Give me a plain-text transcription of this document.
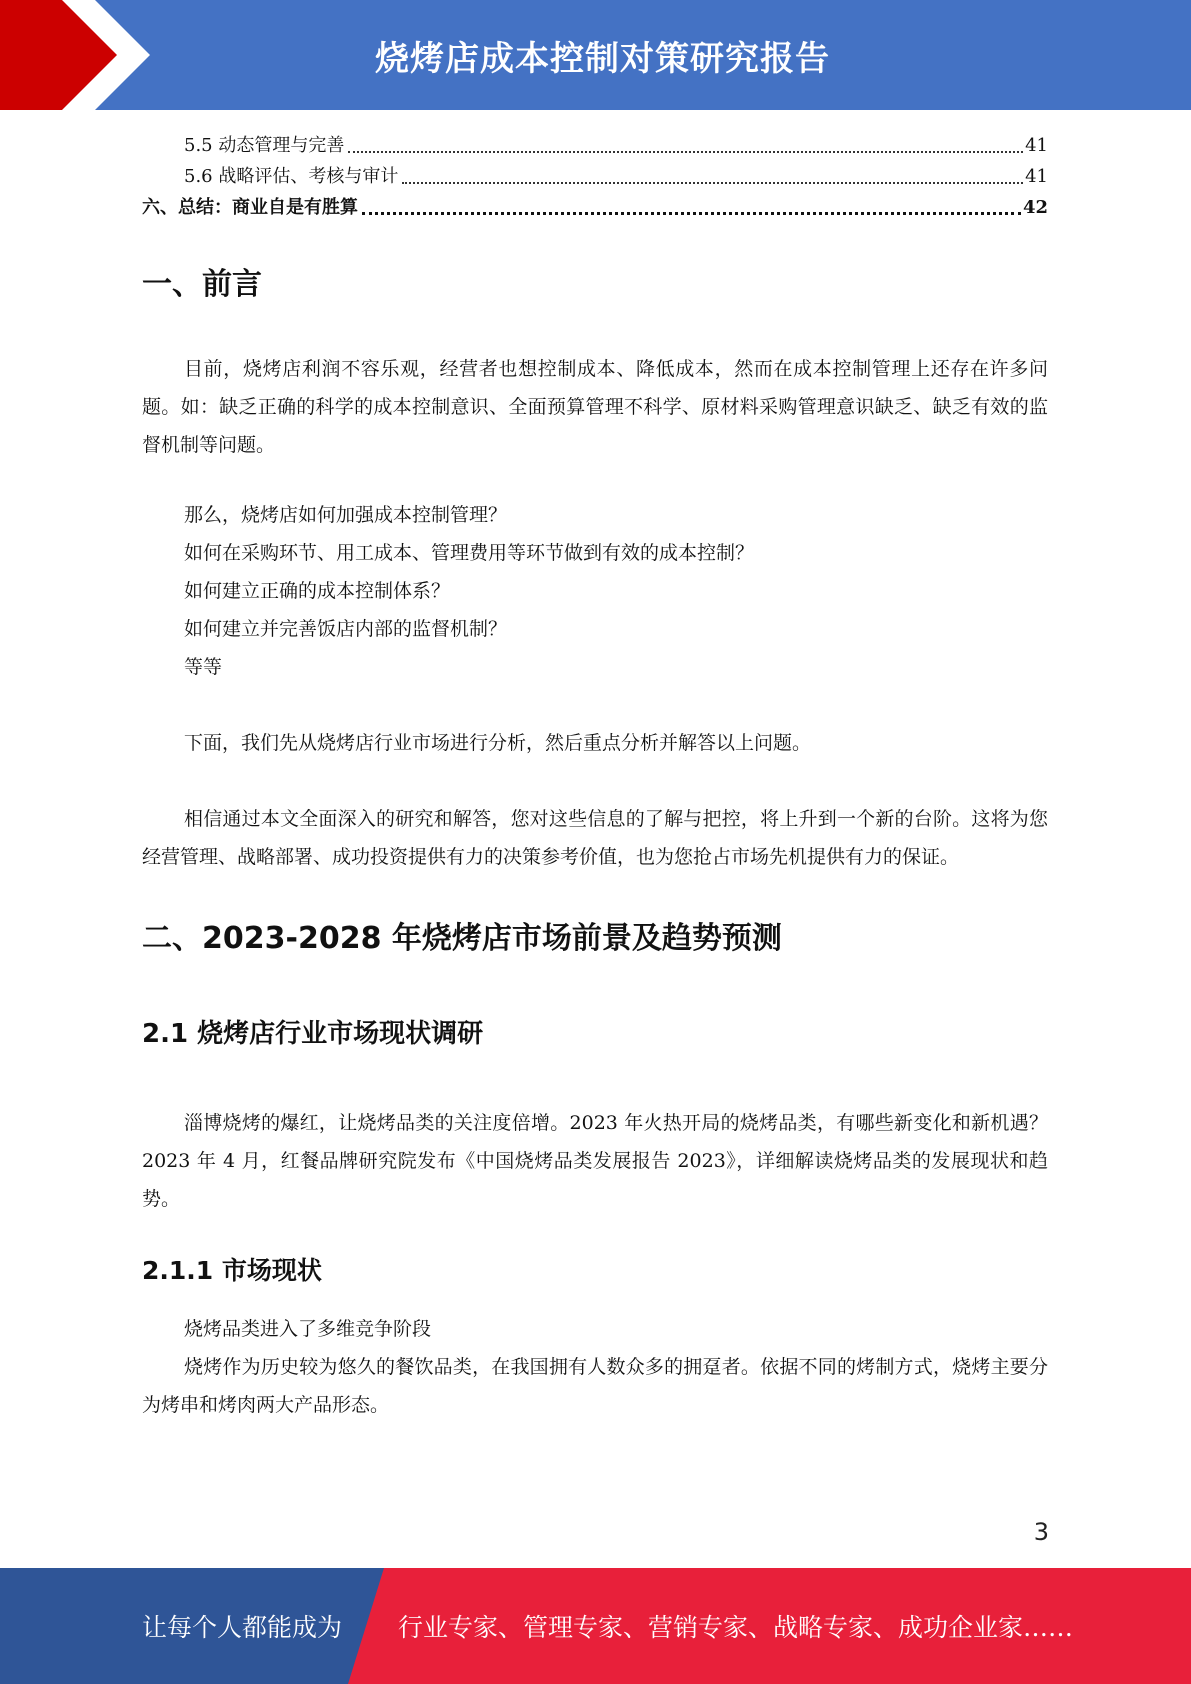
烧烤店成本控制对策研究报告
5.5 动态管理与完善	41
5.6 战略评估、考核与审计	41
六、总结：商业自是有胜算	42
一、前言

目前，烧烤店利润不容乐观，经营者也想控制成本、降低成本，然而在成本控制管理上还存在许多问题。如：缺乏正确的科学的成本控制意识、全面预算管理不科学、原材料采购管理意识缺乏、缺乏有效的监督机制等问题。

那么，烧烤店如何加强成本控制管理？

如何在采购环节、用工成本、管理费用等环节做到有效的成本控制？

如何建立正确的成本控制体系？

如何建立并完善饭店内部的监督机制？

等等

下面，我们先从烧烤店行业市场进行分析，然后重点分析并解答以上问题。

相信通过本文全面深入的研究和解答，您对这些信息的了解与把控，将上升到一个新的台阶。这将为您经营管理、战略部署、成功投资提供有力的决策参考价值，也为您抢占市场先机提供有力的保证。

二、2023-2028 年烧烤店市场前景及趋势预测
2.1 烧烤店行业市场现状调研

淄博烧烤的爆红，让烧烤品类的关注度倍增。2023 年火热开局的烧烤品类，有哪些新变化和新机遇？2023 年 4 月，红餐品牌研究院发布《中国烧烤品类发展报告 2023》，详细解读烧烤品类的发展现状和趋势。

2.1.1 市场现状

烧烤品类进入了多维竞争阶段

烧烤作为历史较为悠久的餐饮品类，在我国拥有人数众多的拥趸者。依据不同的烤制方式，烧烤主要分为烤串和烤肉两大产品形态。

3
让每个人都能成为 行业专家、管理专家、营销专家、战略专家、成功企业家……
